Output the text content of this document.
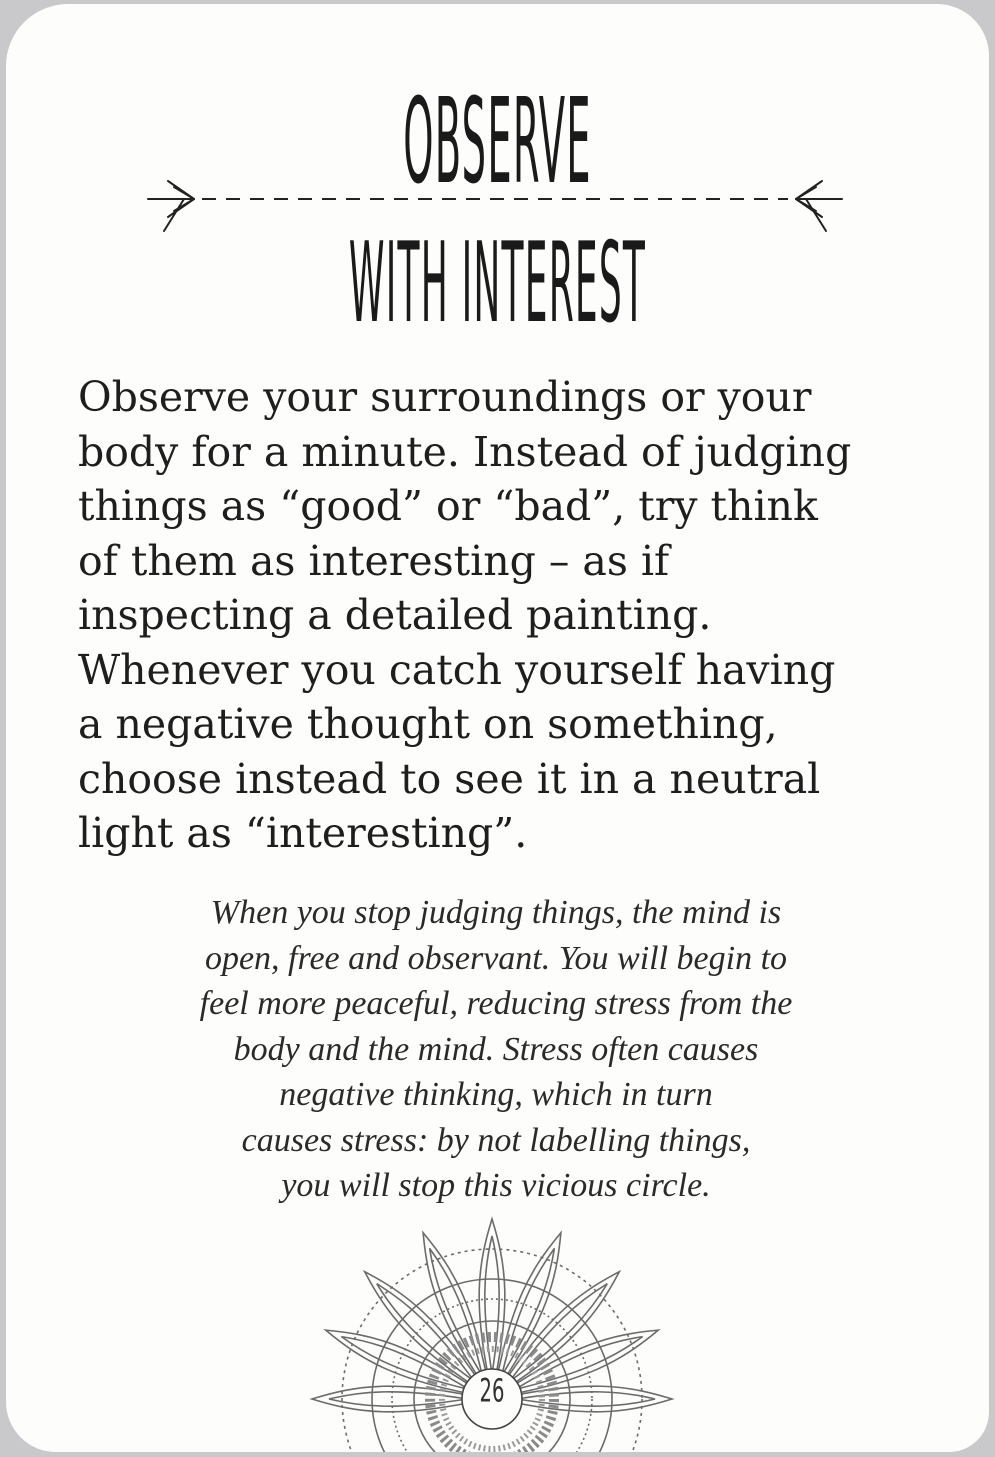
OBSERVE
WITH INTEREST

Observe your surroundings or your
body for a minute. Instead of judging
things as “good” or “bad”, try think
of them as interesting – as if
inspecting a detailed painting.
Whenever you catch yourself having
a negative thought on something,
choose instead to see it in a neutral
light as “interesting”.

When you stop judging things, the mind is
open, free and observant. You will begin to
feel more peaceful, reducing stress from the
body and the mind. Stress often causes
negative thinking, which in turn
causes stress: by not labelling things,
you will stop this vicious circle.

26
